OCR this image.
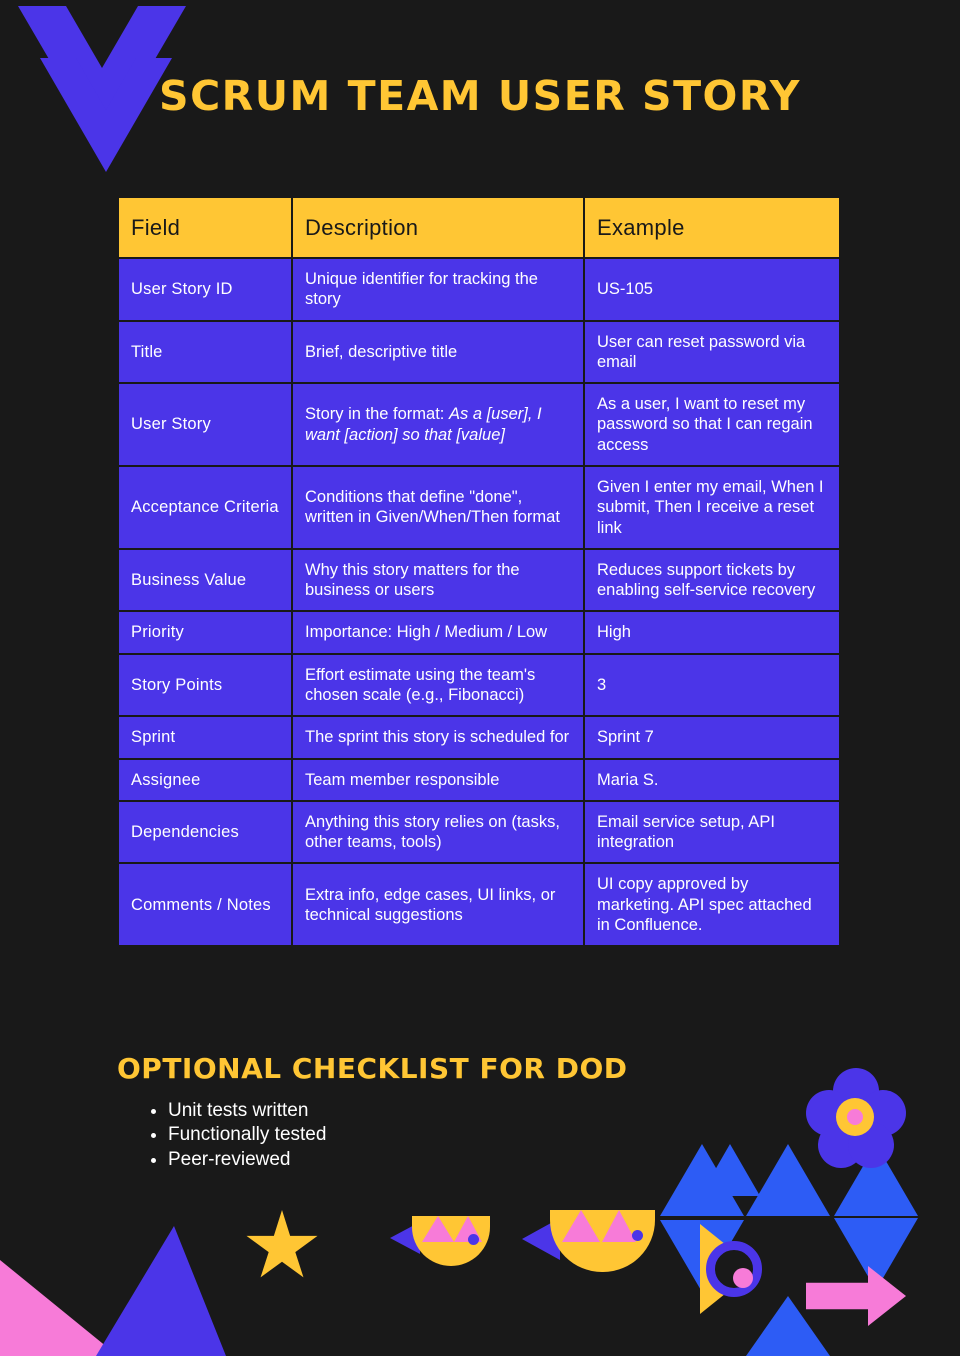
SCRUM TEAM USER STORY
Field	Description	Example
User Story ID	Unique identifier for tracking the story	US-105
Title	Brief, descriptive title	User can reset password via email
User Story	Story in the format: As a [user], I want [action] so that [value]	As a user, I want to reset my password so that I can regain access
Acceptance Criteria	Conditions that define "done", written in Given/When/Then format	Given I enter my email, When I submit, Then I receive a reset link
Business Value	Why this story matters for the business or users	Reduces support tickets by enabling self-service recovery
Priority	Importance: High / Medium / Low	High
Story Points	Effort estimate using the team's chosen scale (e.g., Fibonacci)	3
Sprint	The sprint this story is scheduled for	Sprint 7
Assignee	Team member responsible	Maria S.
Dependencies	Anything this story relies on (tasks, other teams, tools)	Email service setup, API integration
Comments / Notes	Extra info, edge cases, UI links, or technical suggestions	UI copy approved by marketing. API spec attached in Confluence.
OPTIONAL CHECKLIST FOR DOD
• Unit tests written
• Functionally tested
• Peer-reviewed
